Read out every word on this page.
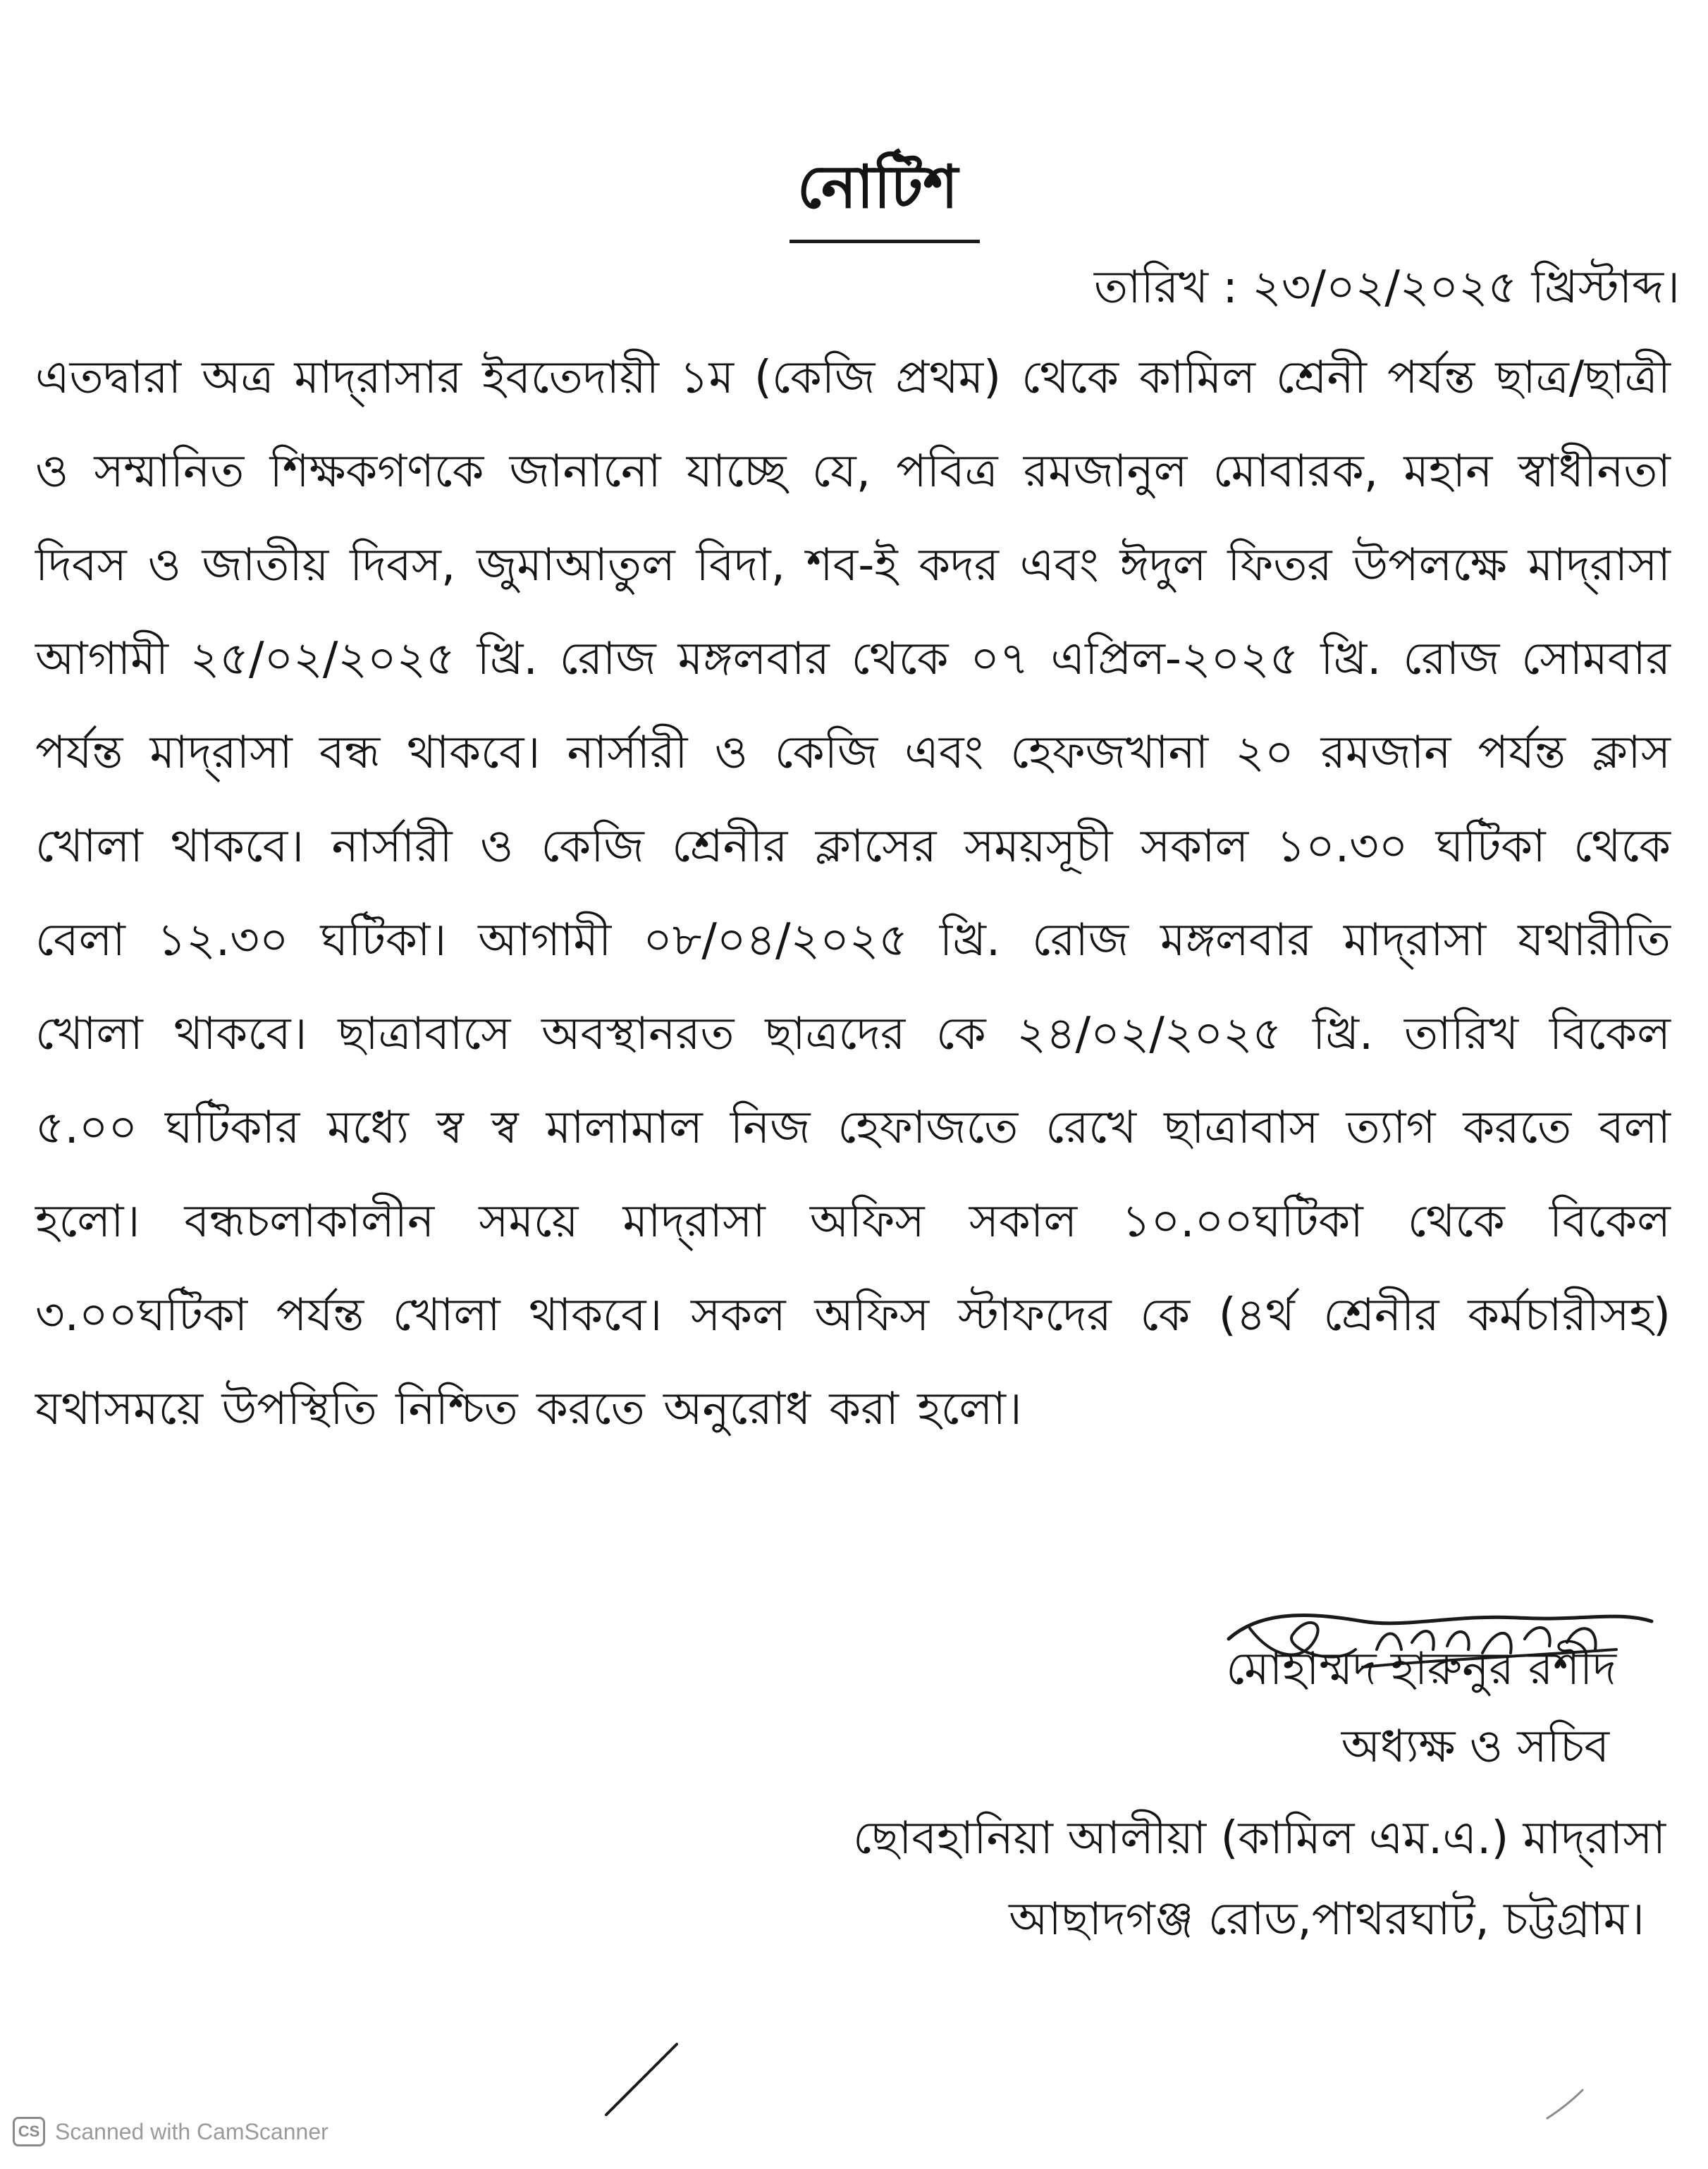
নোটিশ
তারিখ : ২৩/০২/২০২৫ খ্রিস্টাব্দ।
এতদ্বারা অত্র মাদ্‌রাসার ইবতেদায়ী ১ম (কেজি প্রথম) থেকে কামিল শ্রেনী পর্যন্ত ছাত্র/ছাত্রী ও সম্মানিত শিক্ষকগণকে জানানো যাচ্ছে যে, পবিত্র রমজানুল মোবারক, মহান স্বাধীনতা দিবস ও জাতীয় দিবস, জুমাআতুল বিদা, শব-ই কদর এবং ঈদুল ফিতর উপলক্ষে মাদ্‌রাসা আগামী ২৫/০২/২০২৫ খ্রি. রোজ মঙ্গলবার থেকে ০৭ এপ্রিল-২০২৫ খ্রি. রোজ সোমবার পর্যন্ত মাদ্‌রাসা বন্ধ থাকবে। নার্সারী ও কেজি এবং হেফজখানা ২০ রমজান পর্যন্ত ক্লাস খোলা থাকবে। নার্সারী ও কেজি শ্রেনীর ক্লাসের সময়সূচী সকাল ১০.৩০ ঘটিকা থেকে বেলা ১২.৩০ ঘটিকা। আগামী ০৮/০৪/২০২৫ খ্রি. রোজ মঙ্গলবার মাদ্‌রাসা যথারীতি খোলা থাকবে। ছাত্রাবাসে অবস্থানরত ছাত্রদের কে ২৪/০২/২০২৫ খ্রি. তারিখ বিকেল ৫.০০ ঘটিকার মধ্যে স্ব স্ব মালামাল নিজ হেফাজতে রেখে ছাত্রাবাস ত্যাগ করতে বলা হলো। বন্ধচলাকালীন সময়ে মাদ্‌রাসা অফিস সকাল ১০.০০ঘটিকা থেকে বিকেল ৩.০০ঘটিকা পর্যন্ত খোলা থাকবে। সকল অফিস স্টাফদের কে (৪র্থ শ্রেনীর কর্মচারীসহ) যথাসময়ে উপস্থিতি নিশ্চিত করতে অনুরোধ করা হলো।
মোহাম্মদ হারুনুর রশীদ
অধ্যক্ষ ও সচিব
ছোবহানিয়া আলীয়া (কামিল এম.এ.) মাদ্‌রাসা
আছাদগঞ্জ রোড,পাথরঘাট, চট্টগ্রাম।
CS Scanned with CamScanner
